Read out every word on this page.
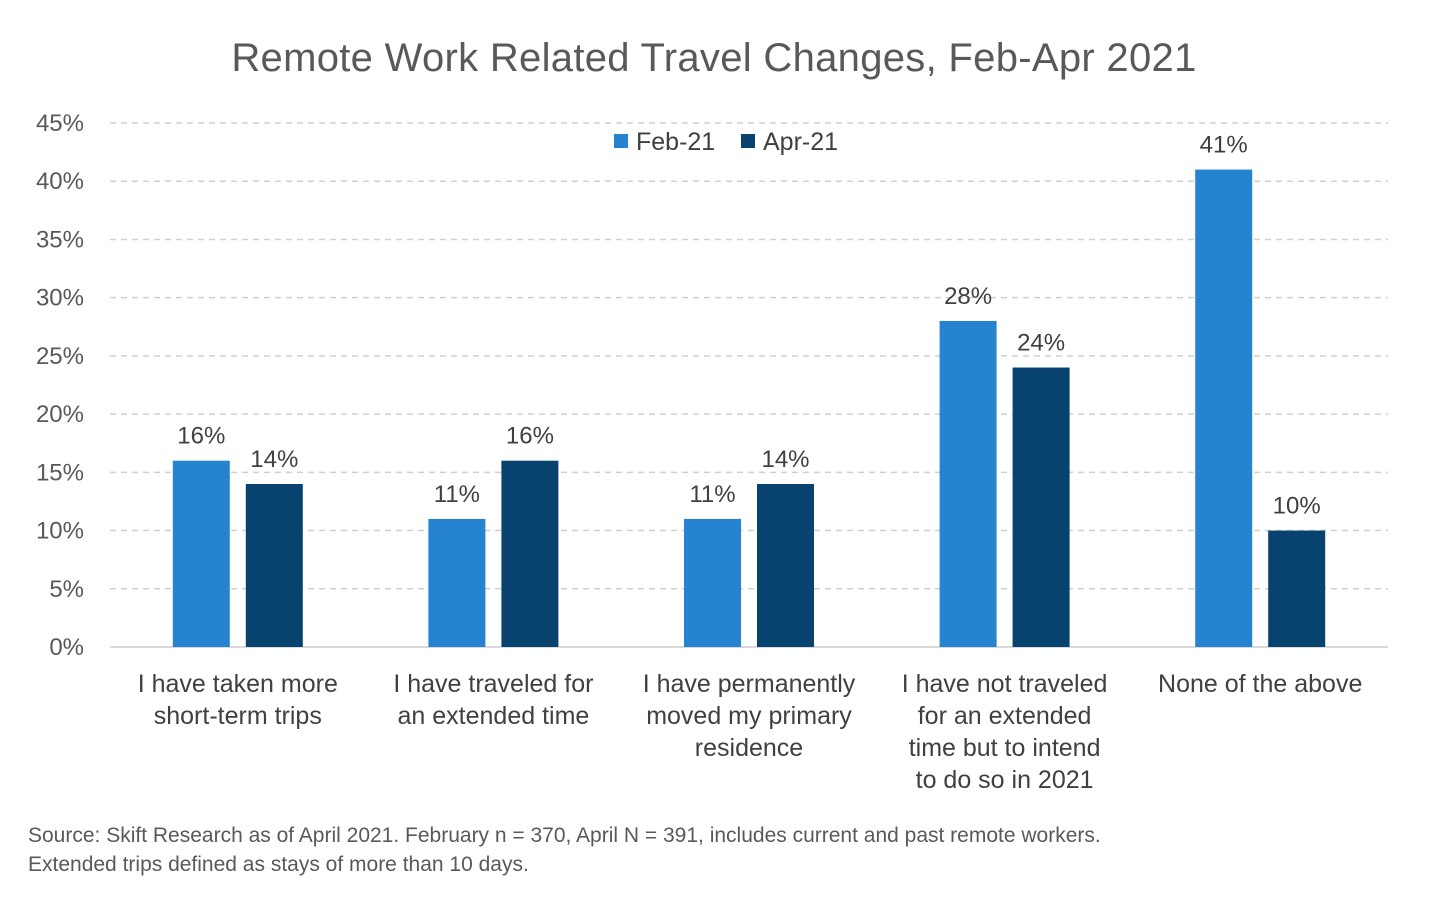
Remote Work Related Travel Changes, Feb-Apr 2021
0%
5%
10%
15%
20%
25%
30%
35%
40%
45%
16%
14%
11%
16%
11%
14%
28%
24%
41%
10%
I have taken more
short-term trips
I have traveled for
an extended time
I have permanently
moved my primary
residence
I have not traveled
for an extended
time but to intend
to do so in 2021
None of the above
Feb-21 Apr-21
Source: Skift Research as of April 2021. February n = 370, April N = 391, includes current and past remote workers.
Extended trips defined as stays of more than 10 days.
